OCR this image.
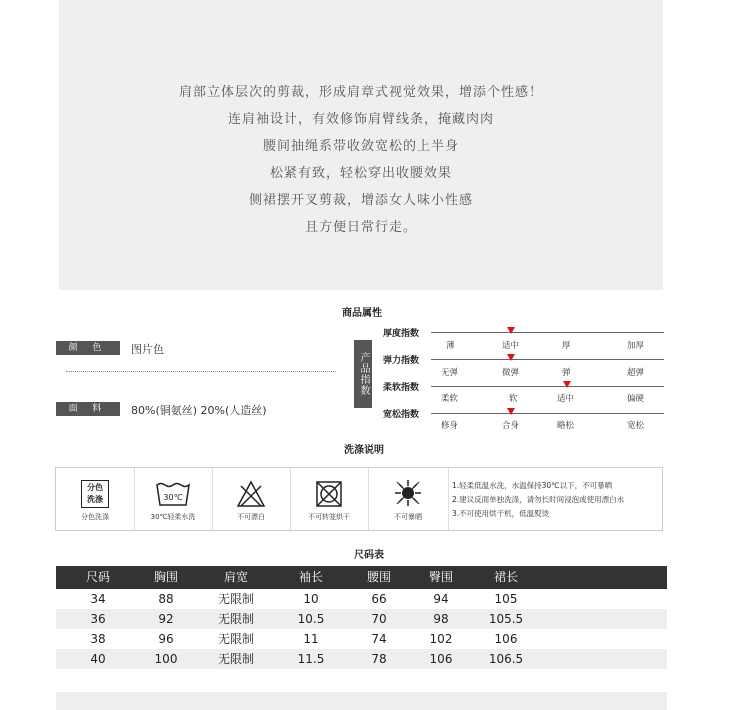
肩部立体层次的剪裁，形成肩章式视觉效果，增添个性感！
连肩袖设计，有效修饰肩臂线条，掩藏肉肉
腰间抽绳系带收敛宽松的上半身
松紧有致，轻松穿出收腰效果
侧裙摆开叉剪裁，增添女人味小性感
且方便日常行走。
商品属性
颜 色	图片色
面 料	80%(铜氨丝) 20%(人造丝)
产品指数
厚度指数
薄	适中	厚	加厚
弹力指数
无弹	微弹	弹	超弹
柔软指数
柔软	软	适中	偏硬
宽松指数
修身	合身	略松	宽松
洗涤说明
分色洗涤
分色洗涤
30℃
30℃轻柔水洗	不可漂白	不可转笼烘干	不可暴晒
1.轻柔低温水洗，水温保持30℃以下，不可暴晒
2.建议反面单独洗涤，请勿长时间浸泡或使用漂白水
3.不可使用烘干机，低温熨烫
尺码表
尺码	胸围	肩宽	袖长	腰围	臀围	裙长
34	88	无限制	10	66	94	105
36	92	无限制	10.5	70	98	105.5
38	96	无限制	11	74	102	106
40	100	无限制	11.5	78	106	106.5
